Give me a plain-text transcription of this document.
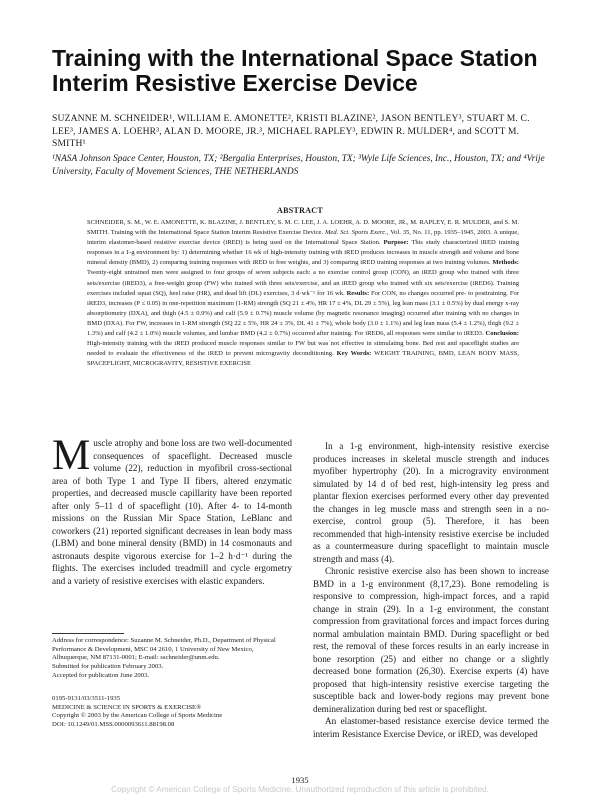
Training with the International Space Station Interim Resistive Exercise Device

SUZANNE M. SCHNEIDER¹, WILLIAM E. AMONETTE², KRISTI BLAZINE², JASON BENTLEY³, STUART M. C. LEE³, JAMES A. LOEHR³, ALAN D. MOORE, JR.³, MICHAEL RAPLEY³, EDWIN R. MULDER⁴, and SCOTT M. SMITH¹

¹NASA Johnson Space Center, Houston, TX; ²Bergalia Enterprises, Houston, TX; ³Wyle Life Sciences, Inc., Houston, TX; and ⁴Vrije University, Faculty of Movement Sciences, THE NETHERLANDS

ABSTRACT

SCHNEIDER, S. M., W. E. AMONETTE, K. BLAZINE, J. BENTLEY, S. M. C. LEE, J. A. LOEHR, A. D. MOORE, JR., M. RAPLEY, E. R. MULDER, and S. M. SMITH. Training with the International Space Station Interim Resistive Exercise Device. Med. Sci. Sports Exerc., Vol. 35, No. 11, pp. 1935–1945, 2003. A unique, interim elastomer-based resistive exercise device (iRED) is being used on the International Space Station. Purpose: This study characterized iRED training responses in a 1-g environment by: 1) determining whether 16 wk of high-intensity training with iRED produces increases in muscle strength and volume and bone mineral density (BMD), 2) comparing training responses with iRED to free weights, and 3) comparing iRED training responses at two training volumes. Methods: Twenty-eight untrained men were assigned to four groups of seven subjects each: a no exercise control group (CON), an iRED group who trained with three sets/exercise (iRED3), a free-weight group (FW) who trained with three sets/exercise, and an iRED group who trained with six sets/exercise (iRED6). Training exercises included squat (SQ), heel raise (HR), and dead lift (DL) exercises, 3 d·wk⁻¹ for 16 wk. Results: For CON, no changes occurred pre- to posttraining. For iRED3, increases (P ≤ 0.05) in one-repetition maximum (1-RM) strength (SQ 21 ± 4%, HR 17 ± 4%, DL 29 ± 5%), leg lean mass (3.1 ± 0.5%) by dual energy x-ray absorptiometry (DXA), and thigh (4.5 ± 0.9%) and calf (5.9 ± 0.7%) muscle volume (by magnetic resonance imaging) occurred after training with no changes in BMD (DXA). For FW, increases in 1-RM strength (SQ 22 ± 5%, HR 24 ± 3%, DL 41 ± 7%), whole body (3.0 ± 1.1%) and leg lean mass (5.4 ± 1.2%), thigh (9.2 ± 1.3%) and calf (4.2 ± 1.0%) muscle volumes, and lumbar BMD (4.2 ± 0.7%) occurred after training. For iRED6, all responses were similar to iRED3. Conclusion: High-intensity training with the iRED produced muscle responses similar to FW but was not effective in stimulating bone. Bed rest and spaceflight studies are needed to evaluate the effectiveness of the iRED to prevent microgravity deconditioning. Key Words: WEIGHT TRAINING, BMD, LEAN BODY MASS, SPACEFLIGHT, MICROGRAVITY, RESISTIVE EXERCISE

Muscle atrophy and bone loss are two well-documented consequences of spaceflight. Decreased muscle volume (22), reduction in myofibril cross-sectional area of both Type 1 and Type II fibers, altered enzymatic properties, and decreased muscle capillarity have been reported after only 5–11 d of spaceflight (10). After 4- to 14-month missions on the Russian Mir Space Station, LeBlanc and coworkers (21) reported significant decreases in lean body mass (LBM) and bone mineral density (BMD) in 14 cosmonauts and astronauts despite vigorous exercise for 1–2 h·d⁻¹ during the flights. The exercises included treadmill and cycle ergometry and a variety of resistive exercises with elastic expanders.

Address for correspondence: Suzanne M. Schneider, Ph.D., Department of Physical Performance & Development, MSC 04 2610, 1 University of New Mexico, Albuquerque, NM 87131-0001; E-mail: sschneider@unm.edu.
Submitted for publication February 2003.
Accepted for publication June 2003.
0195-9131/03/3511-1935
MEDICINE & SCIENCE IN SPORTS & EXERCISE®
Copyright © 2003 by the American College of Sports Medicine
DOI: 10.1249/01.MSS.0000093611.88198.08

In a 1-g environment, high-intensity resistive exercise produces increases in skeletal muscle strength and induces myofiber hypertrophy (20). In a microgravity environment simulated by 14 d of bed rest, high-intensity leg press and plantar flexion exercises performed every other day prevented the changes in leg muscle mass and strength seen in a no-exercise, control group (5). Therefore, it has been recommended that high-intensity resistive exercise be included as a countermeasure during spaceflight to maintain muscle strength and mass (4).

Chronic resistive exercise also has been shown to increase BMD in a 1-g environment (8,17,23). Bone remodeling is responsive to compression, high-impact forces, and a rapid change in strain (29). In a 1-g environment, the constant compression from gravitational forces and impact forces during normal ambulation maintain BMD. During spaceflight or bed rest, the removal of these forces results in an early increase in bone resorption (25) and either no change or a slightly decreased bone formation (26,30). Exercise experts (4) have proposed that high-intensity resistive exercise targeting the susceptible back and lower-body regions may prevent bone demineralization during bed rest or spaceflight.

An elastomer-based resistance exercise device termed the interim Resistance Exercise Device, or iRED, was developed

1935

Copyright © American College of Sports Medicine. Unauthorized reproduction of this article is prohibited.
